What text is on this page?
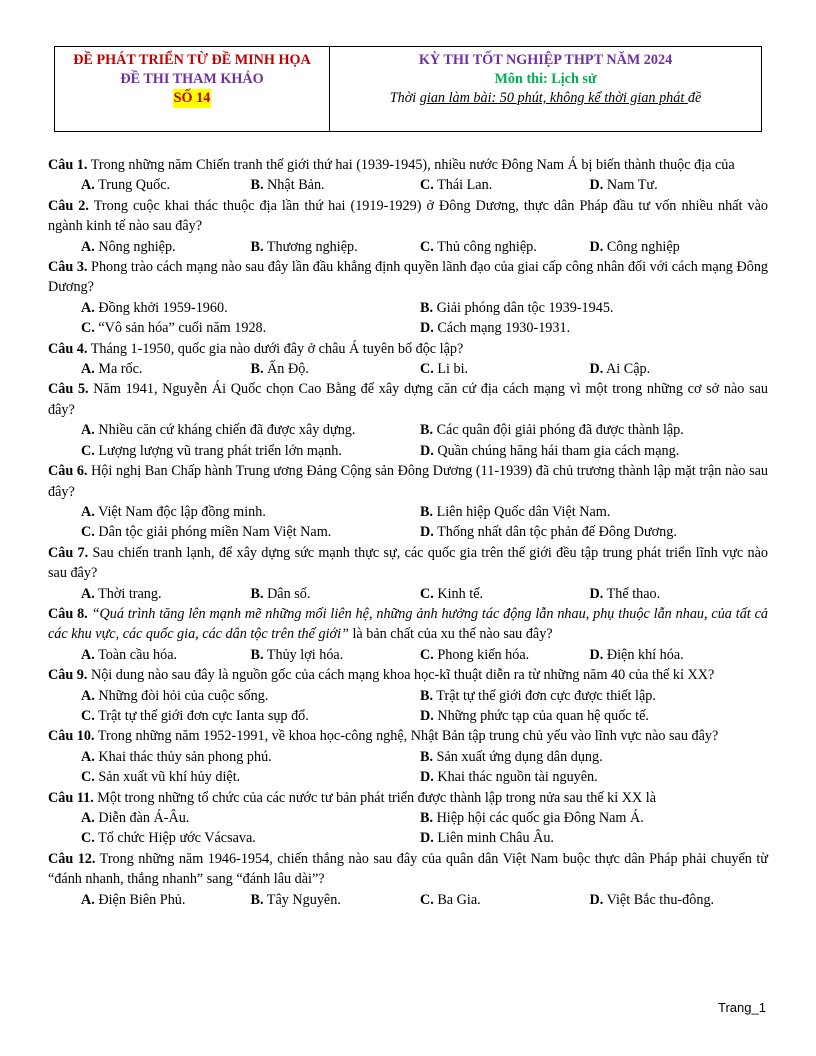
ĐỀ PHÁT TRIỂN TỪ ĐỀ MINH HỌA
ĐỀ THI THAM KHẢO
SỐ 14
KỲ THI TỐT NGHIỆP THPT NĂM 2024
Môn thi: Lịch sử
Thời gian làm bài: 50 phút, không kể thời gian phát đề
Câu 1. Trong những năm Chiến tranh thế giới thứ hai (1939-1945), nhiều nước Đông Nam Á bị biến thành thuộc địa của
A. Trung Quốc.	B. Nhật Bản.	C. Thái Lan.	D. Nam Tư.
Câu 2. Trong cuộc khai thác thuộc địa lần thứ hai (1919-1929) ở Đông Dương, thực dân Pháp đầu tư vốn nhiều nhất vào ngành kinh tế nào sau đây?
A. Nông nghiệp.	B. Thương nghiệp.	C. Thủ công nghiệp.	D. Công nghiệp
Câu 3. Phong trào cách mạng nào sau đây lần đầu khẳng định quyền lãnh đạo của giai cấp công nhân đối với cách mạng Đông Dương?
A. Đồng khởi 1959-1960.	B. Giải phóng dân tộc 1939-1945.
C. “Vô sản hóa” cuối năm 1928.	D. Cách mạng 1930-1931.
Câu 4. Tháng 1-1950, quốc gia nào dưới đây ở châu Á tuyên bố độc lập?
A. Ma rốc.	B. Ấn Độ.	C. Li bi.	D. Ai Cập.
Câu 5. Năm 1941, Nguyễn Ái Quốc chọn Cao Bằng để xây dựng căn cứ địa cách mạng vì một trong những cơ sở nào sau đây?
A. Nhiều căn cứ kháng chiến đã được xây dựng.	B. Các quân đội giải phóng đã được thành lập.
C. Lượng lượng vũ trang phát triển lớn mạnh.	D. Quần chúng hăng hái tham gia cách mạng.
Câu 6. Hội nghị Ban Chấp hành Trung ương Đảng Cộng sản Đông Dương (11-1939) đã chủ trương thành lập mặt trận nào sau đây?
A. Việt Nam độc lập đồng minh.	B. Liên hiệp Quốc dân Việt Nam.
C. Dân tộc giải phóng miền Nam Việt Nam.	D. Thống nhất dân tộc phản đế Đông Dương.
Câu 7. Sau chiến tranh lạnh, để xây dựng sức mạnh thực sự, các quốc gia trên thế giới đều tập trung phát triển lĩnh vực nào sau đây?
A. Thời trang.	B. Dân số.	C. Kinh tế.	D. Thể thao.
Câu 8. “Quá trình tăng lên mạnh mẽ những mối liên hệ, những ảnh hưởng tác động lẫn nhau, phụ thuộc lẫn nhau, của tất cả các khu vực, các quốc gia, các dân tộc trên thế giới” là bản chất của xu thế nào sau đây?
A. Toàn cầu hóa.	B. Thủy lợi hóa.	C. Phong kiến hóa.	D. Điện khí hóa.
Câu 9. Nội dung nào sau đây là nguồn gốc của cách mạng khoa học-kĩ thuật diễn ra từ những năm 40 của thế kỉ XX?
A. Những đòi hỏi của cuộc sống.	B. Trật tự thế giới đơn cực được thiết lập.
C. Trật tự thế giới đơn cực Ianta sụp đổ.	D. Những phức tạp của quan hệ quốc tế.
Câu 10. Trong những năm 1952-1991, về khoa học-công nghệ, Nhật Bản tập trung chủ yếu vào lĩnh vực nào sau đây?
A. Khai thác thủy sản phong phú.	B. Sản xuất ứng dụng dân dụng.
C. Sản xuất vũ khí hủy diệt.	D. Khai thác nguồn tài nguyên.
Câu 11. Một trong những tổ chức của các nước tư bản phát triển được thành lập trong nửa sau thế kỉ XX là
A. Diễn đàn Á-Âu.	B. Hiệp hội các quốc gia Đông Nam Á.
C. Tổ chức Hiệp ước Vácsava.	D. Liên minh Châu Âu.
Câu 12. Trong những năm 1946-1954, chiến thắng nào sau đây của quân dân Việt Nam buộc thực dân Pháp phải chuyển từ “đánh nhanh, thắng nhanh” sang “đánh lâu dài”?
A. Điện Biên Phủ.	B. Tây Nguyên.	C. Ba Gia.	D. Việt Bắc thu-đông.
Trang_1
